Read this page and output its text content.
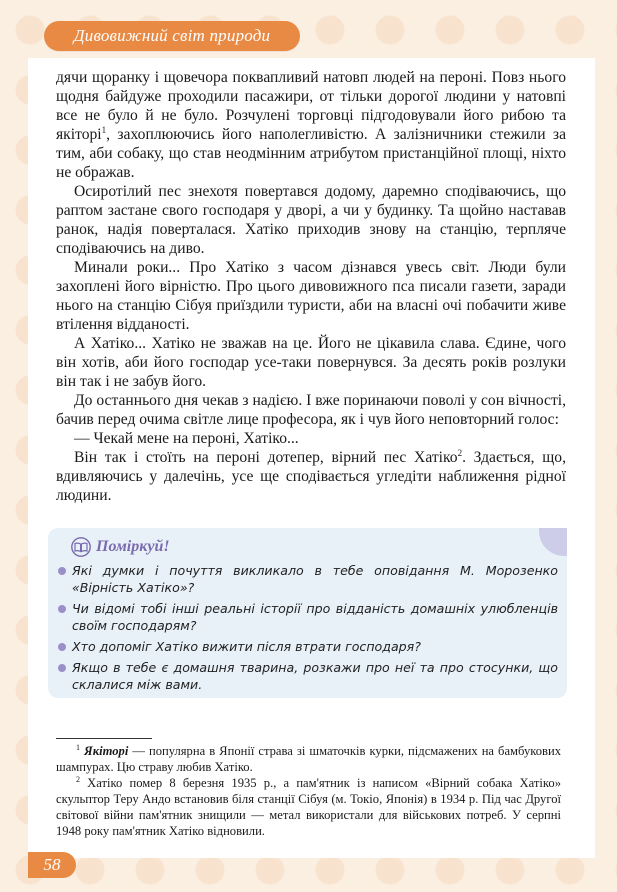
Дивовижний світ природи

дячи щоранку і щовечора поквапливий натовп людей на пероні. Повз нього щодня байдуже проходили пасажири, от тільки дорогої людини у натовпі все не було й не було. Розчулені торговці підгодовували його рибою та якіторі$^1$, захоплюючись його наполегливістю. А залізничники стежили за тим, аби собаку, що став неодмінним атрибутом пристанційної площі, ніхто не ображав.

Осиротілий пес знехотя повертався додому, даремно сподіваючись, що раптом застане свого господаря у дворі, а чи у будинку. Та щойно наставав ранок, надія поверталася. Хатіко приходив знову на станцію, терпляче сподіваючись на диво.

Минали роки... Про Хатіко з часом дізнався увесь світ. Люди були захоплені його вірністю. Про цього дивовижного пса писали газети, заради нього на станцію Сібуя приїздили туристи, аби на власні очі побачити живе втілення відданості.

А Хатіко... Хатіко не зважав на це. Його не цікавила слава. Єдине, чого він хотів, аби його господар усе-таки повернувся. За десять років розлуки він так і не забув його.

До останнього дня чекав з надією. І вже поринаючи поволі у сон вічності, бачив перед очима світле лице професора, як і чув його неповторний голос:

— Чекай мене на пероні, Хатіко...

Він так і стоїть на пероні дотепер, вірний пес Хатіко$^2$. Здається, що, вдивляючись у далечінь, усе ще сподівається угледіти наближення рідної людини.

Поміркуй!
Які думки і почуття викликало в тебе оповідання М. Морозенко «Вірність Хатіко»?
Чи відомі тобі інші реальні історії про відданість домашніх улюбленців своїм господарям?
Хто допоміг Хатіко вижити після втрати господаря?
Якщо в тебе є домашня тварина, розкажи про неї та про стосунки, що склалися між вами.

$^1$ Якіторі — популярна в Японії страва зі шматочків курки, підсмажених на бамбукових шампурах. Цю страву любив Хатіко.

$^2$ Хатіко помер 8 березня 1935 р., а пам'ятник із написом «Вірний собака Хатіко» скульптор Теру Андо встановив біля станції Сібуя (м. Токіо, Японія) в 1934 р. Під час Другої світової війни пам'ятник знищили — метал використали для військових потреб. У серпні 1948 року пам'ятник Хатіко відновили.

58
